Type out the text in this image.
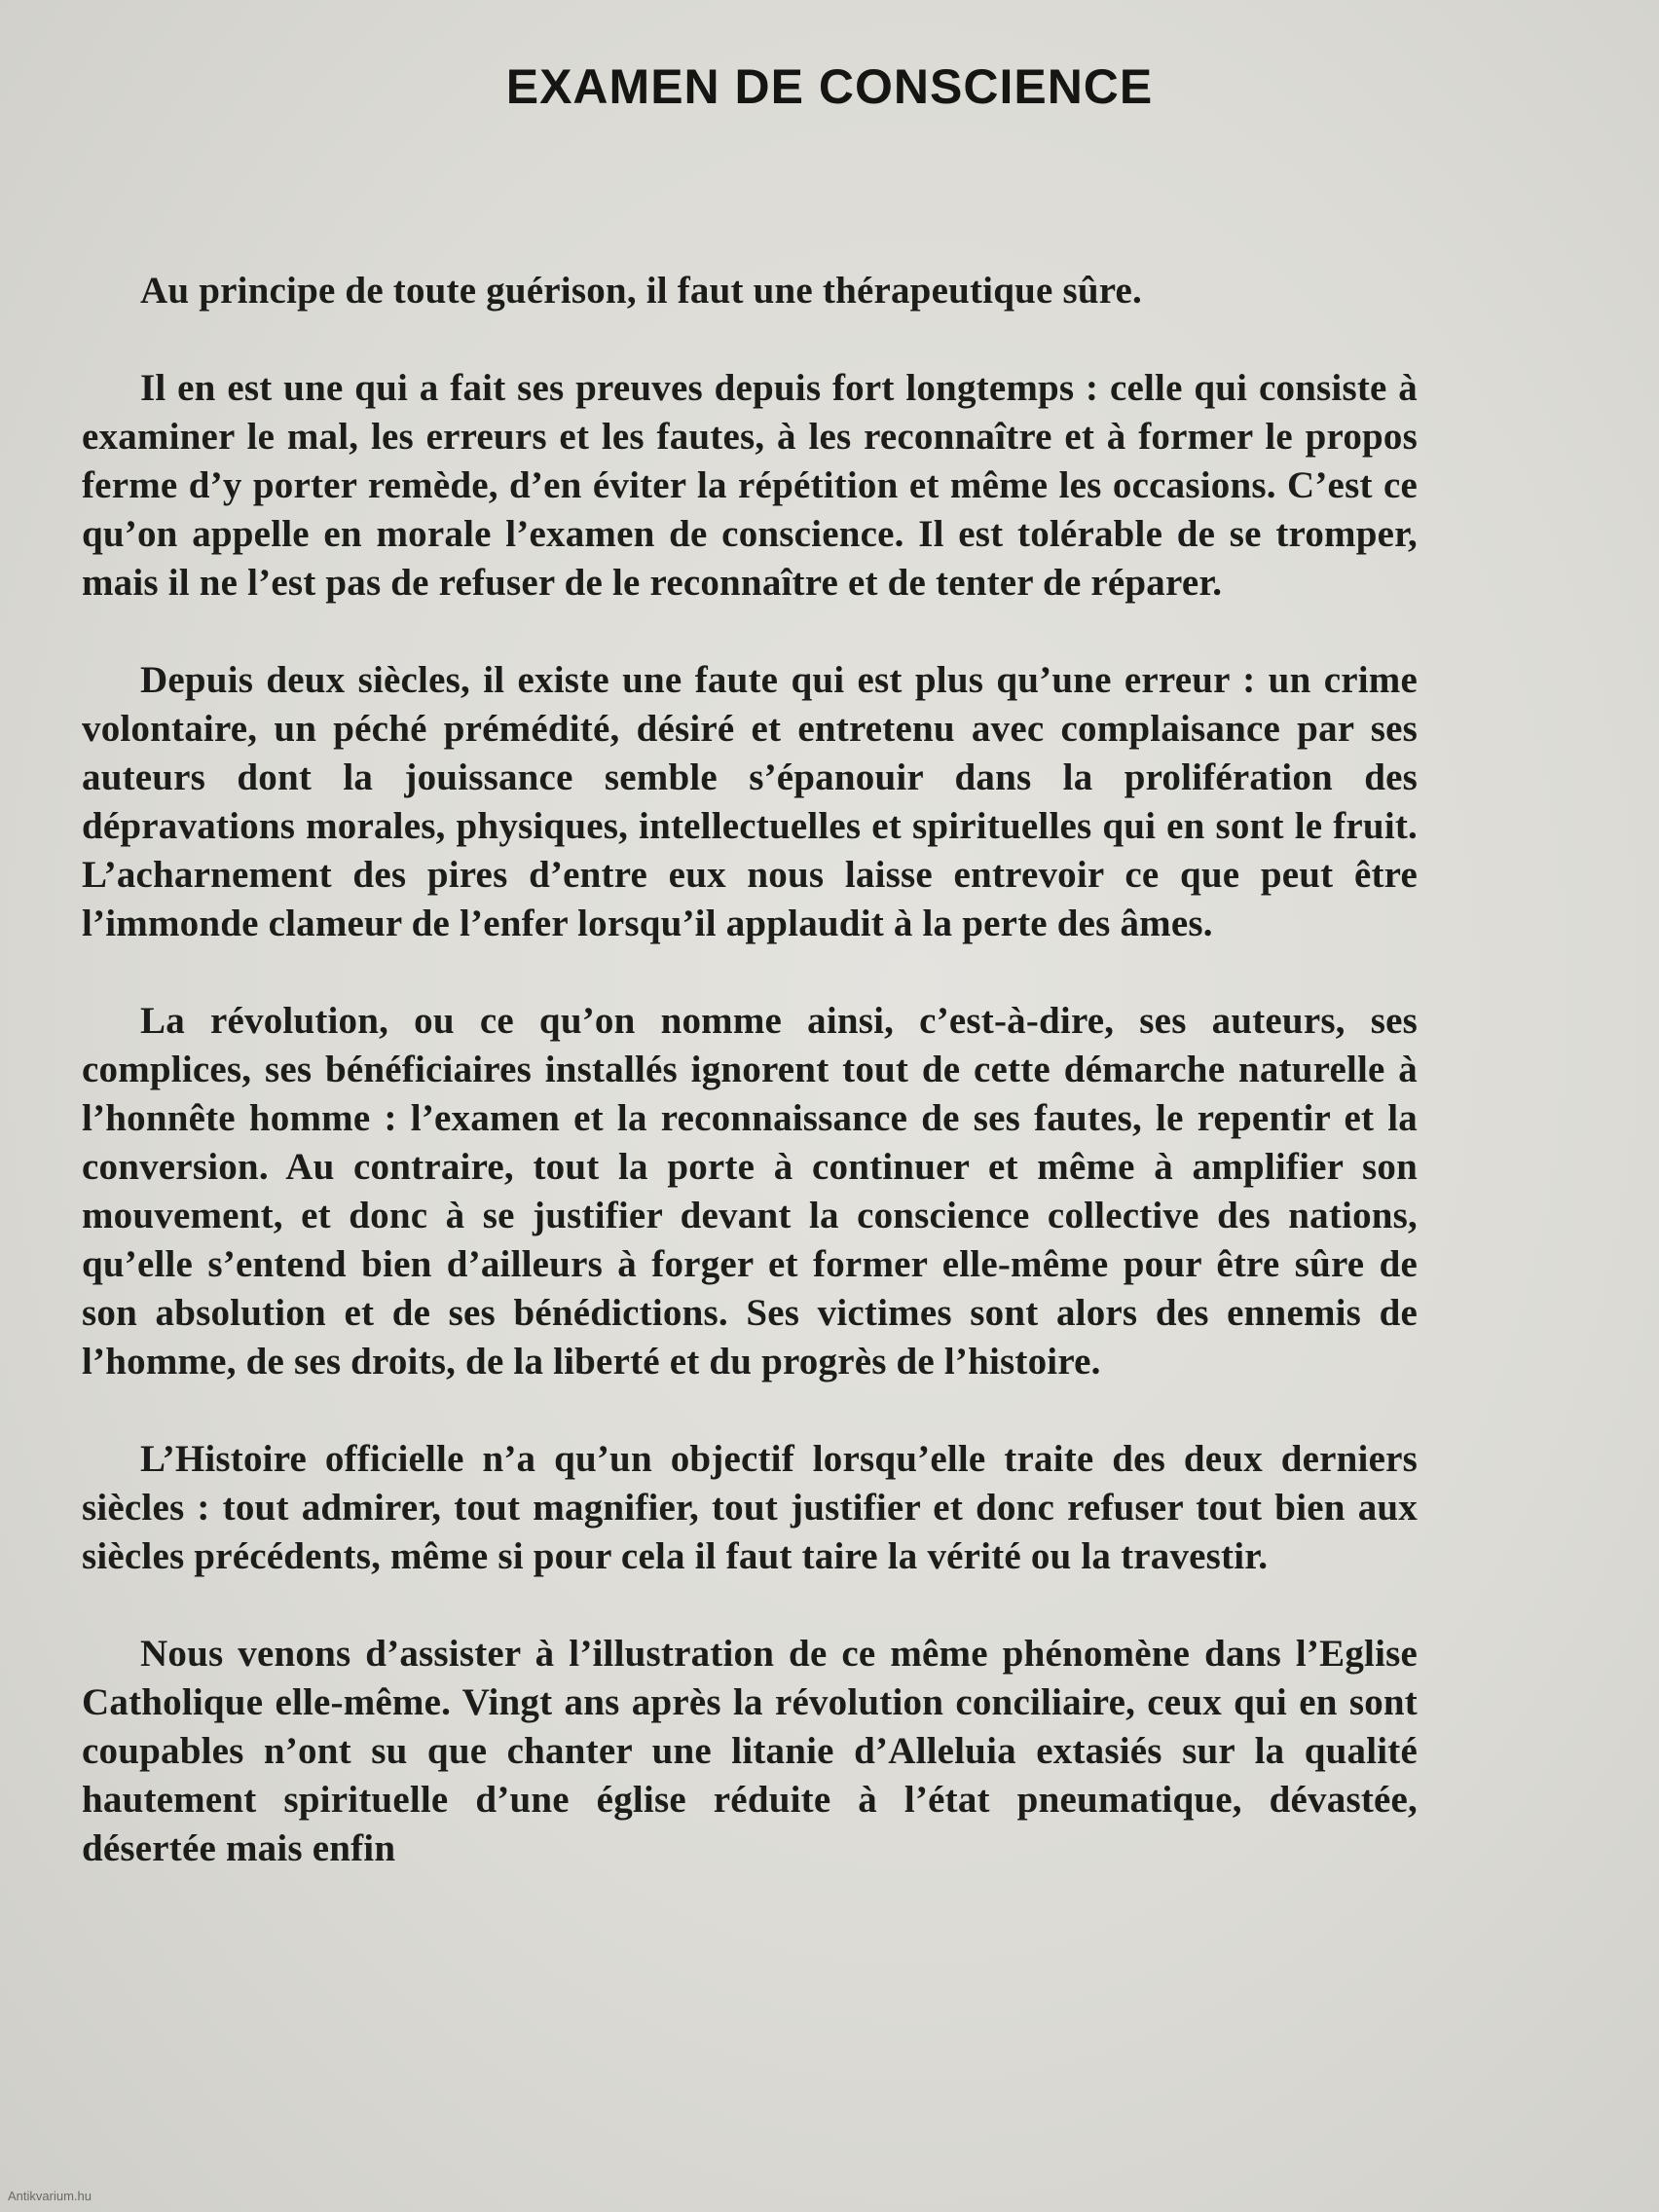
EXAMEN DE CONSCIENCE

Au principe de toute guérison, il faut une thérapeutique sûre.

Il en est une qui a fait ses preuves depuis fort longtemps : celle qui consiste à examiner le mal, les erreurs et les fautes, à les reconnaître et à former le propos ferme d’y porter remède, d’en éviter la répétition et même les occasions. C’est ce qu’on appelle en morale l’examen de conscience. Il est tolérable de se tromper, mais il ne l’est pas de refuser de le reconnaître et de tenter de réparer.

Depuis deux siècles, il existe une faute qui est plus qu’une erreur : un crime volontaire, un péché prémédité, désiré et entretenu avec complaisance par ses auteurs dont la jouissance semble s’épanouir dans la prolifération des dépravations morales, physiques, intellectuelles et spirituelles qui en sont le fruit. L’acharnement des pires d’entre eux nous laisse entrevoir ce que peut être l’immonde clameur de l’enfer lorsqu’il applaudit à la perte des âmes.

La révolution, ou ce qu’on nomme ainsi, c’est-à-dire, ses auteurs, ses complices, ses bénéficiaires installés ignorent tout de cette démarche naturelle à l’honnête homme : l’examen et la reconnaissance de ses fautes, le repentir et la conversion. Au contraire, tout la porte à continuer et même à amplifier son mouvement, et donc à se justifier devant la conscience collective des nations, qu’elle s’entend bien d’ailleurs à forger et former elle-même pour être sûre de son absolution et de ses bénédictions. Ses victimes sont alors des ennemis de l’homme, de ses droits, de la liberté et du progrès de l’histoire.

L’Histoire officielle n’a qu’un objectif lorsqu’elle traite des deux derniers siècles : tout admirer, tout magnifier, tout justifier et donc refuser tout bien aux siècles précédents, même si pour cela il faut taire la vérité ou la travestir.

Nous venons d’assister à l’illustration de ce même phénomène dans l’Eglise Catholique elle-même. Vingt ans après la révolution conciliaire, ceux qui en sont coupables n’ont su que chanter une litanie d’Alleluia extasiés sur la qualité hautement spirituelle d’une église réduite à l’état pneumatique, dévastée, désertée mais enfin

Antikvarium.hu
